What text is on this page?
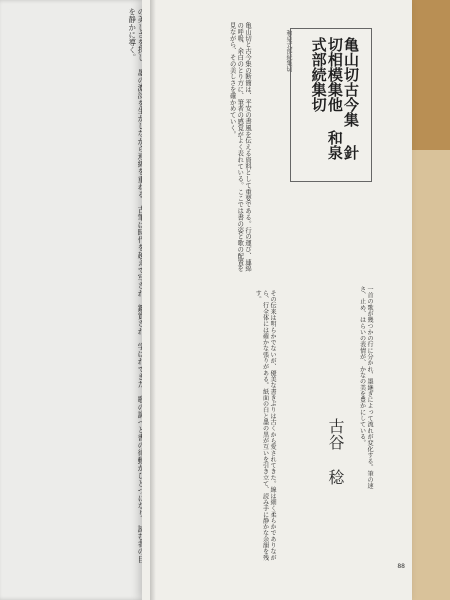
を静かに導く。	亀山切と古今集の断簡は、平安の書風を伝える資料として重要である。行の運び、連綿の呼吸、余白のとり方に、筆者の感覚がよく表れている。ここでは書の姿と歌の配置を見ながら、その美しさを確かめていく。	和泉式部続集切	亀山切古今集 針切相模集他 和泉式部続集切
その伝来は明らかでないが、優美な書きぶりは古くから愛されてきた。線は細く柔らかでありながら、行全体には確かな張りがある。紙面の白と墨の黒が互いを引き立て、読み手に静かな余韻を残す。	一首の歌が幾つかの行に分かれ、墨継ぎによって流れが変化する。筆の速さ、止め、はらいの表情が、かなの美を豊かにしている。
古谷 稔
88
